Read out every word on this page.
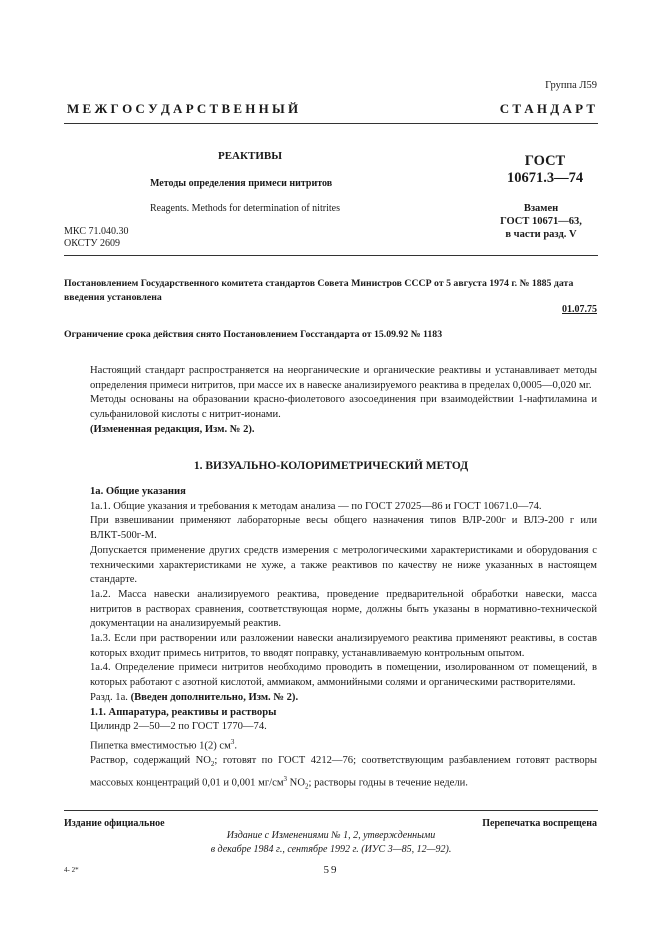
Группа Л59
М Е Ж Г О С У Д А Р С Т В Е Н Н Ы Й	С Т А Н Д А Р Т
РЕАКТИВЫ
Методы определения примеси нитритов
Reagents. Methods for determination of nitrites
МКС 71.040.30
ОКСТУ 2609
ГОСТ
10671.3—74
Взамен
ГОСТ 10671—63,
в части разд. V
Постановлением Государственного комитета стандартов Совета Министров СССР от 5 августа 1974 г. № 1885 дата введения установлена
01.07.75
Ограничение срока действия снято Постановлением Госстандарта от 15.09.92 № 1183

Настоящий стандарт распространяется на неорганические и органические реактивы и устанавливает методы определения примеси нитритов, при массе их в навеске анализируемого реактива в пределах 0,0005—0,020 мг.

Методы основаны на образовании красно-фиолетового азосоединения при взаимодействии 1-нафтиламина и сульфаниловой кислоты с нитрит-ионами.

(Измененная редакция, Изм. № 2).

1. ВИЗУАЛЬНО-КОЛОРИМЕТРИЧЕСКИЙ МЕТОД

1а. Общие указания

1а.1. Общие указания и требования к методам анализа — по ГОСТ 27025—86 и ГОСТ 10671.0—74.

При взвешивании применяют лабораторные весы общего назначения типов ВЛР-200г и ВЛЭ-200 г или ВЛКТ-500г-М.

Допускается применение других средств измерения с метрологическими характеристиками и оборудования с техническими характеристиками не хуже, а также реактивов по качеству не ниже указанных в настоящем стандарте.

1а.2. Масса навески анализируемого реактива, проведение предварительной обработки навески, масса нитритов в растворах сравнения, соответствующая норме, должны быть указаны в нормативно-технической документации на анализируемый реактив.

1а.3. Если при растворении или разложении навески анализируемого реактива применяют реактивы, в состав которых входит примесь нитритов, то вводят поправку, устанавливаемую контрольным опытом.

1а.4. Определение примеси нитритов необходимо проводить в помещении, изолированном от помещений, в которых работают с азотной кислотой, аммиаком, аммонийными солями и органическими растворителями.

Разд. 1а. (Введен дополнительно, Изм. № 2).

1.1. Аппаратура, реактивы и растворы

Цилиндр 2—50—2 по ГОСТ 1770—74.

Пипетка вместимостью 1(2) $см^3$.

Раствор, содержащий $NO_2$; готовят по ГОСТ 4212—76; соответствующим разбавлением готовят растворы массовых концентраций 0,01 и 0,001 $мг/см^3$ $NO_2$; растворы годны в течение недели.

Издание официальное	Перепечатка воспрещена
Издание с Изменениями № 1, 2, утвержденными
в декабре 1984 г., сентябре 1992 г. (ИУС 3—85, 12—92).
4- 2*	59
